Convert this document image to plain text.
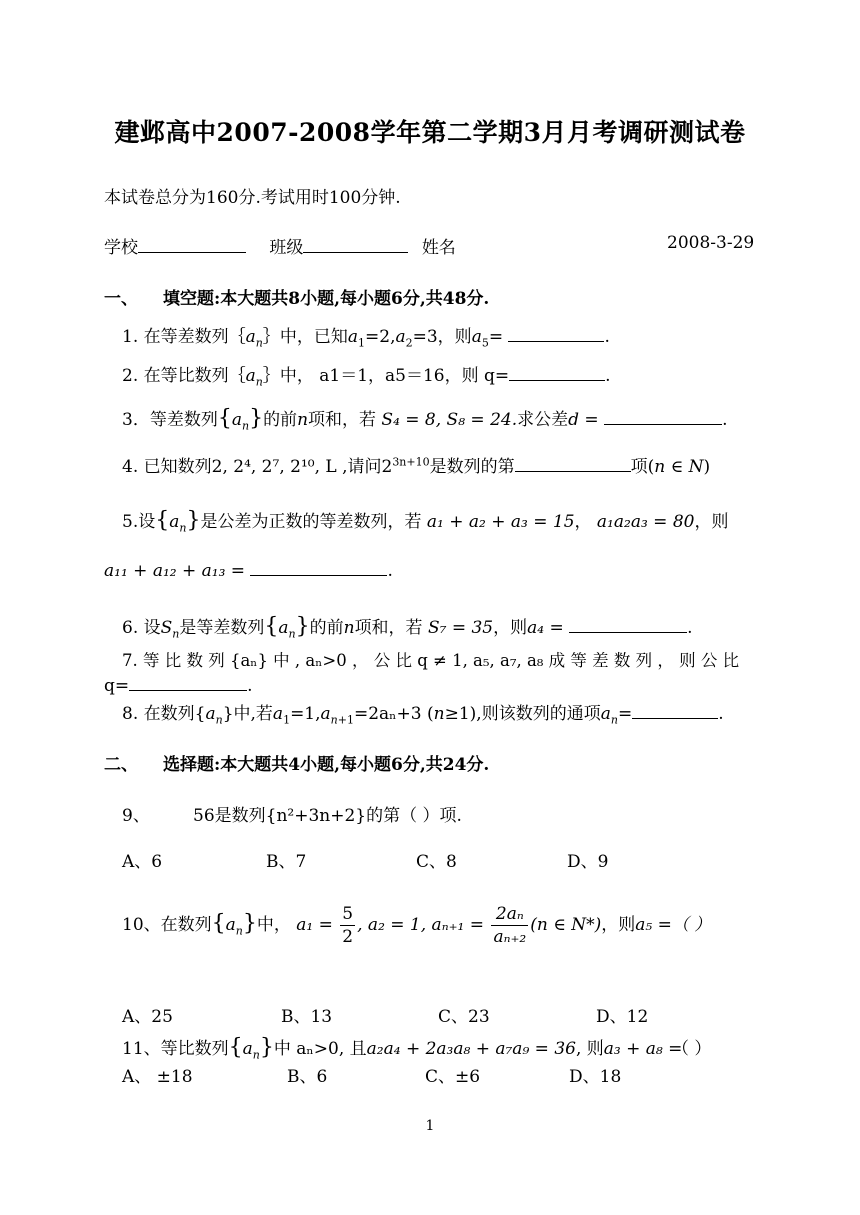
建邺高中2007-2008学年第二学期3月月考调研测试卷
本试卷总分为160分.考试用时100分钟.
学校	班级	姓名	2008-3-29
一、 填空题:本大题共8小题,每小题6分,共48分.
1. 在等差数列$\{a_n\}$中，已知$a_1=2,a_2=3$，则$a_5=$	.
2. 在等比数列$\{a_n\}$中， a1＝1，a5＝16，则 q=	.
3．等差数列$\{a_n\}$的前n项和，若 S₄ = 8, S₈ = 24.求公差d =	.
4. 已知数列2, 2⁴, 2⁷, 2¹⁰, L ,请问$2^{3n+10}$是数列的第	项(n ∈ N)
5.设$\{a_n\}$是公差为正数的等差数列，若 a₁ + a₂ + a₃ = 15， a₁a₂a₃ = 80，则
a₁₁ + a₁₂ + a₁₃ =	.
6. 设$S_n$是等差数列$\{a_n\}$的前n项和，若 S₇ = 35，则a₄ =	.
7. 等 比 数 列 {aₙ} 中 , aₙ>0 ， 公 比 q ≠ 1, a₅, a₇, a₈ 成 等 差 数 列 ， 则 公 比
q=	.
8. 在数列$\{a_n\}$中,若$a_1=1,a_{n+1}=2a_n+3$ (n≥1),则该数列的通项$a_n=$	.
二、 选择题:本大题共4小题,每小题6分,共24分.
9、	56是数列{n²+3n+2}的第（ ）项.
A、6	B、7	C、8	D、9
10、在数列$\{a_n\}$中， $a_1 = \frac{5}{2}$ , a₂ = 1, $a_{n+1} = \frac{\text{2aₙ}}{\text{aₙ₊₂}} (n$ ∈ N*)，则a₅ =（ ）
A、25	B、13	C、23	D、12
11、等比数列$\{a_n\}$中 aₙ>0, 且a₂a₄ + 2a₃a₈ + a₇a₉ = 36, 则a₃ + a₈ =
（ ）
A、 ±18	B、6	C、±6	D、18
1
